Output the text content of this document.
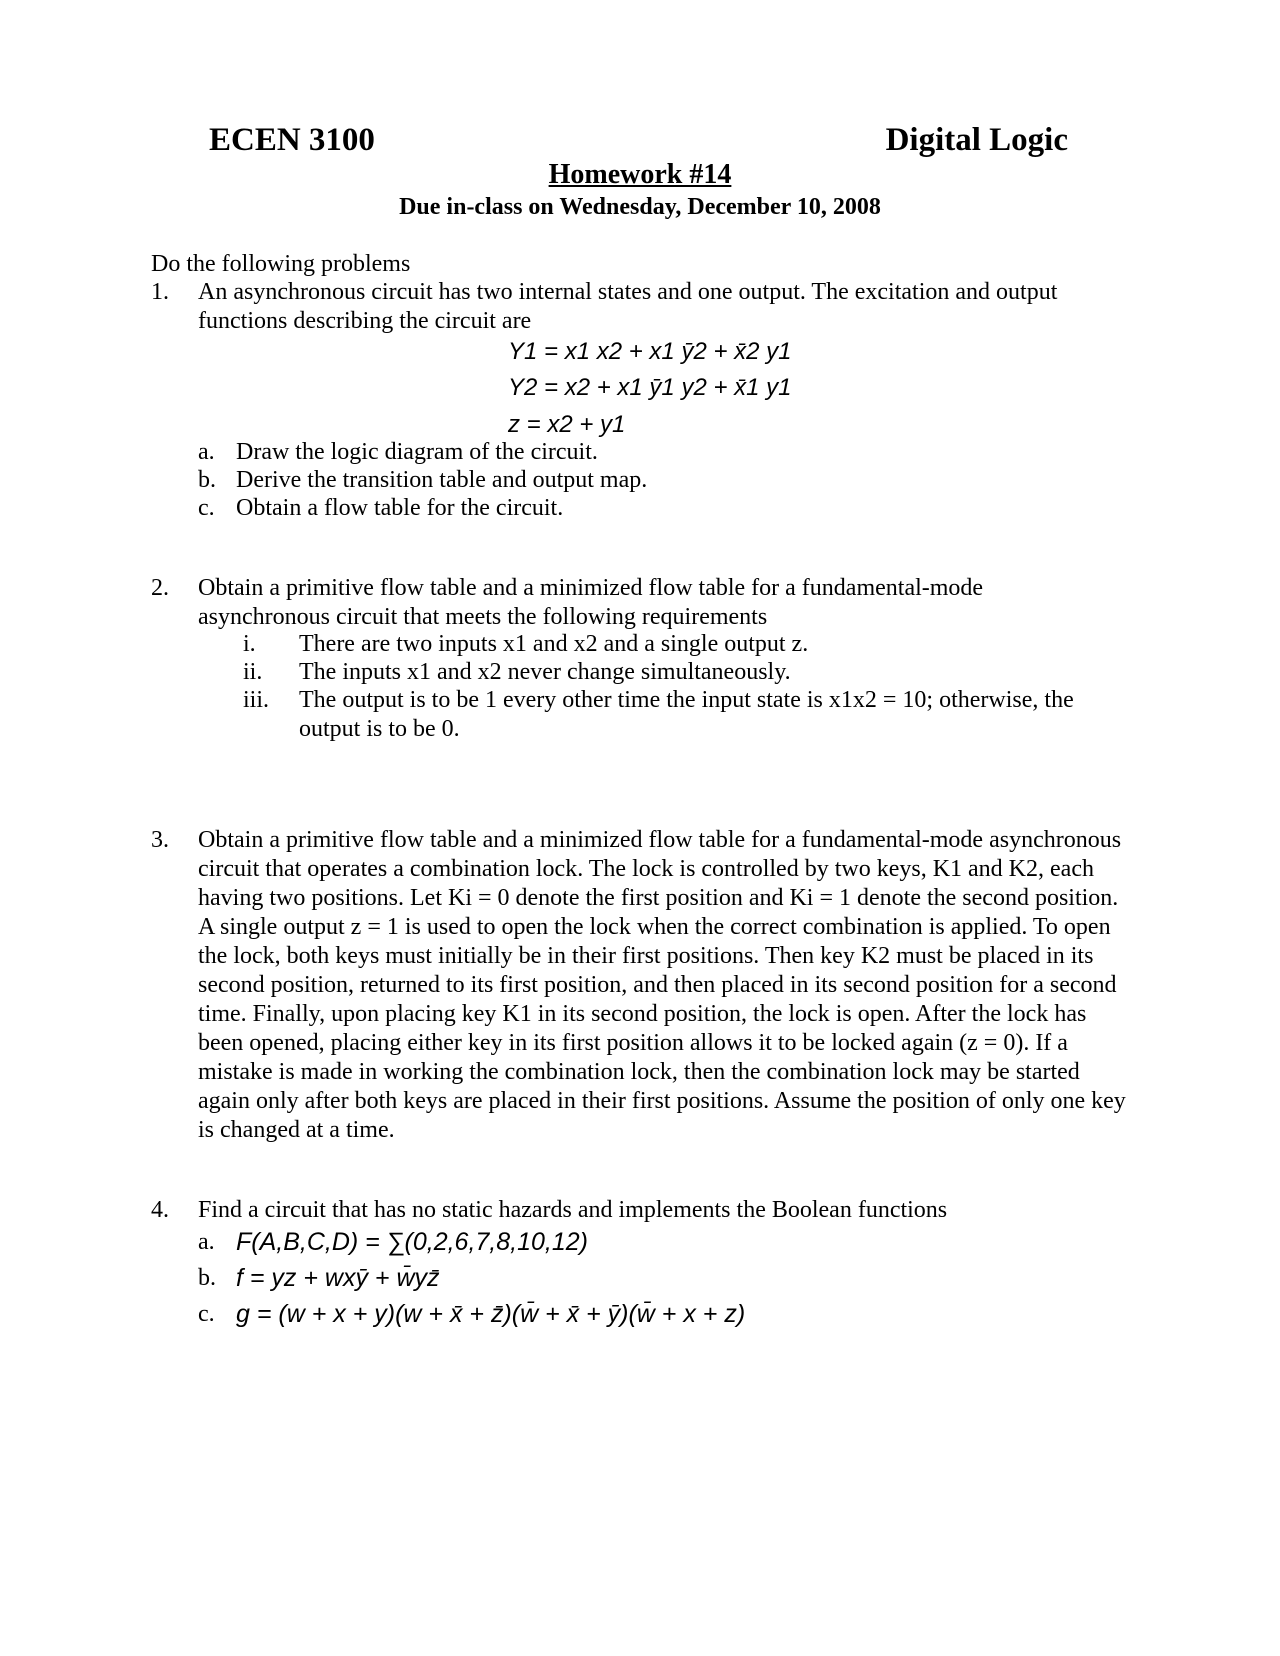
ECEN 3100	Digital Logic
Homework #14
Due in-class on Wednesday, December 10, 2008
Do the following problems
1. An asynchronous circuit has two internal states and one output. The excitation and output functions describing the circuit are
Y1 = x1 x2 + x1 ȳ2 + x̄2 y1
Y2 = x2 + x1 ȳ1 y2 + x̄1 y1
z = x2 + y1
a. Draw the logic diagram of the circuit.
b. Derive the transition table and output map.
c. Obtain a flow table for the circuit.
2. Obtain a primitive flow table and a minimized flow table for a fundamental-mode asynchronous circuit that meets the following requirements
i. There are two inputs x1 and x2 and a single output z.
ii. The inputs x1 and x2 never change simultaneously.
iii. The output is to be 1 every other time the input state is x1x2 = 10; otherwise, the output is to be 0.
3. Obtain a primitive flow table and a minimized flow table for a fundamental-mode asynchronous circuit that operates a combination lock. The lock is controlled by two keys, K1 and K2, each having two positions. Let Ki = 0 denote the first position and Ki = 1 denote the second position. A single output z = 1 is used to open the lock when the correct combination is applied. To open the lock, both keys must initially be in their first positions. Then key K2 must be placed in its second position, returned to its first position, and then placed in its second position for a second time. Finally, upon placing key K1 in its second position, the lock is open. After the lock has been opened, placing either key in its first position allows it to be locked again (z = 0). If a mistake is made in working the combination lock, then the combination lock may be started again only after both keys are placed in their first positions. Assume the position of only one key is changed at a time.
4. Find a circuit that has no static hazards and implements the Boolean functions
a. F(A,B,C,D) = ∑(0,2,6,7,8,10,12)
b. f = yz + wxȳ + w̄yz̄
c. g = (w + x + y)(w + x̄ + z̄)(w̄ + x̄ + ȳ)(w̄ + x + z)
